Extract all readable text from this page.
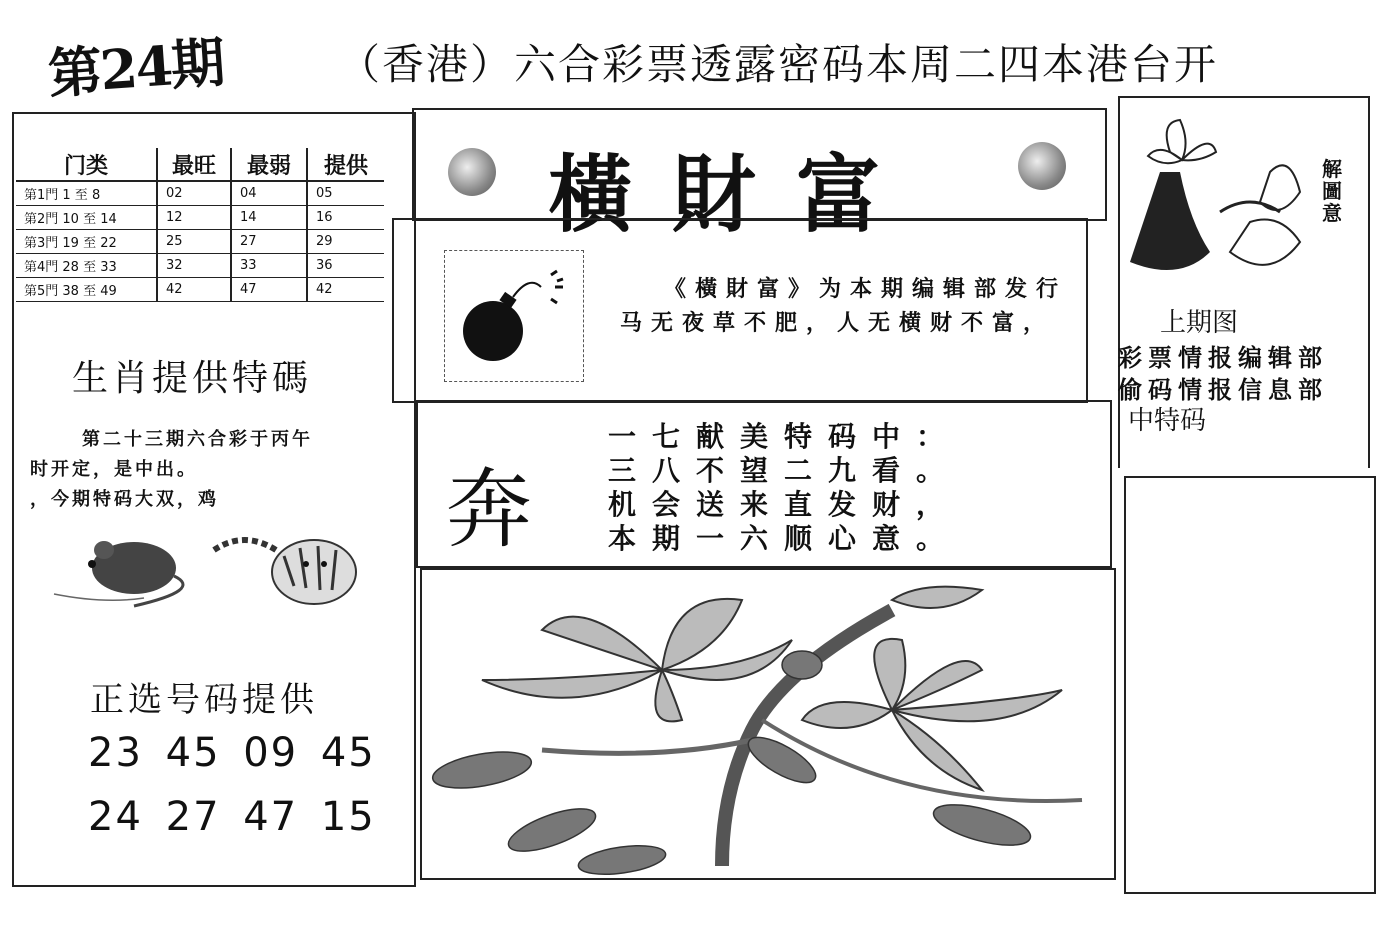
第24期	（香港）六合彩票透露密码本周二四本港台开
门类	最旺	最弱	提供
第1門 1 至 8	02	04	05
第2門 10 至 14	12	14	16
第3門 19 至 22	25	27	29
第4門 28 至 33	32	33	36
第5門 38 至 49	42	47	42
生肖提供特碼
第二十三期六合彩于丙午
时开定，是中出。
，今期特码大双，鸡
正选号码提供
23 45 09 45
24 27 47 15
橫財富
《橫財富》为本期编辑部发行
马无夜草不肥，人无横财不富，
奔
一七献美特码中：
三八不望二九看。
机会送来直发财，
本期一六顺心意。
解圖意
上期图
彩票情报编辑部
偷码情报信息部
中特码
